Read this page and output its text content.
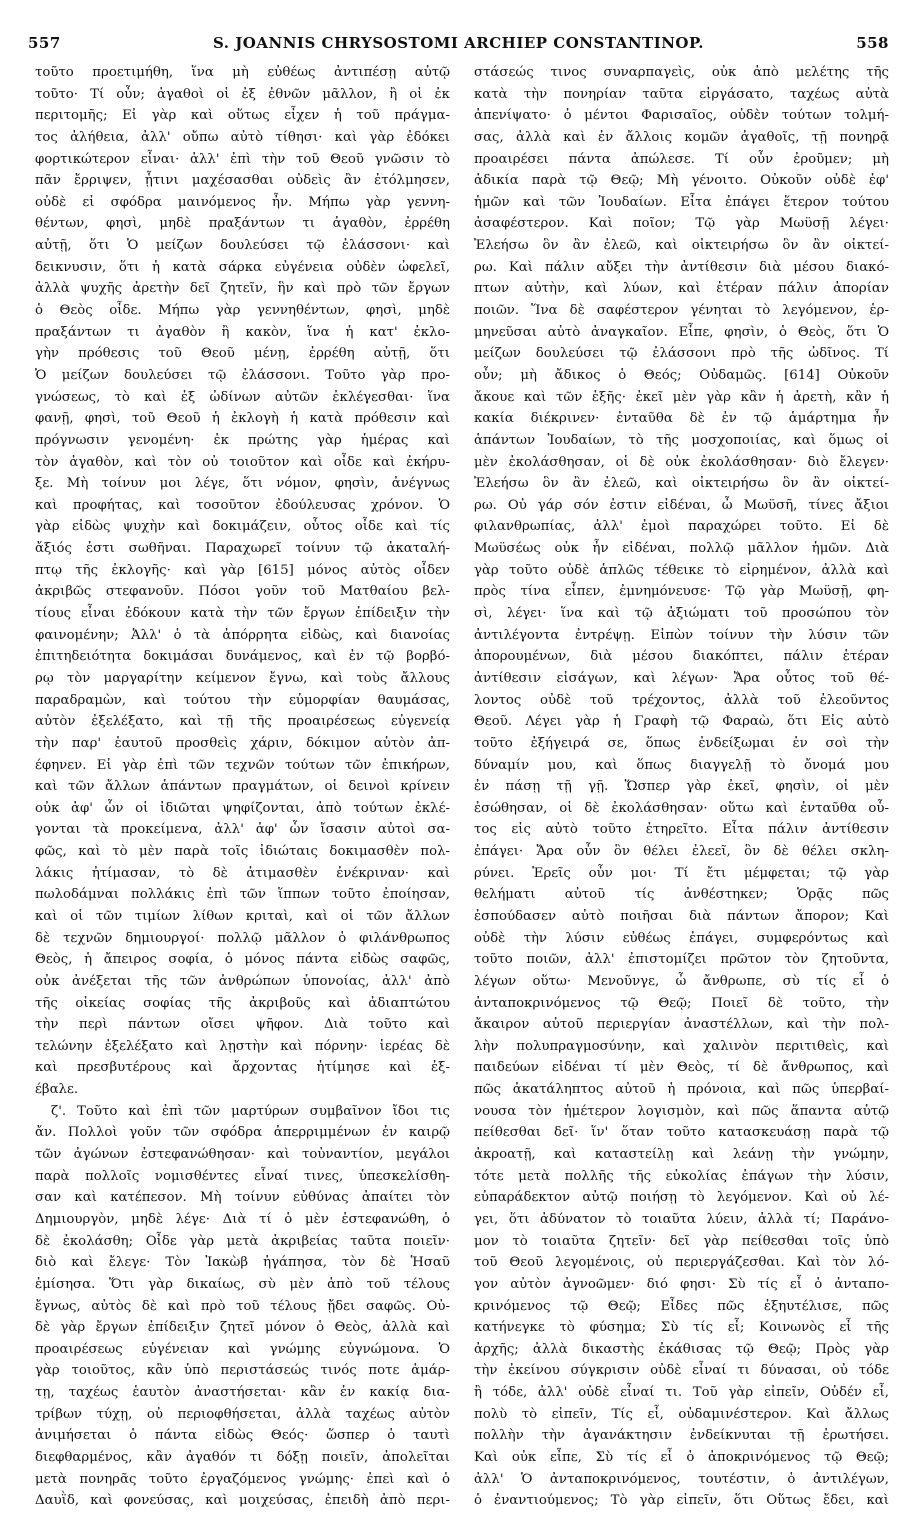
557	S. JOANNIS CHRYSOSTOMI ARCHIEP CONSTANTINOP.	558
τοῦτο προετιμήθη, ἵνα μὴ εὐθέως ἀντιπέσῃ αὐτῷ
τοῦτο· Τί οὖν; ἀγαθοὶ οἱ ἐξ ἐθνῶν μᾶλλον, ἢ οἱ ἐκ
περιτομῆς; Εἰ γὰρ καὶ οὕτως εἶχεν ἡ τοῦ πράγμα-
τος ἀλήθεια, ἀλλ' οὔπω αὐτὸ τίθησι· καὶ γὰρ ἐδόκει
φορτικώτερον εἶναι· ἀλλ' ἐπὶ τὴν τοῦ Θεοῦ γνῶσιν τὸ
πᾶν ἔρριψεν, ᾗτινι μαχέσασθαι οὐδεὶς ἂν ἐτόλμησεν,
οὐδὲ εἰ σφόδρα μαινόμενος ἦν. Μήπω γὰρ γεννη-
θέντων, φησὶ, μηδὲ πραξάντων τι ἀγαθὸν, ἐρρέθη
αὐτῇ, ὅτι Ὁ μείζων δουλεύσει τῷ ἐλάσσονι· καὶ
δεικνυσιν, ὅτι ἡ κατὰ σάρκα εὐγένεια οὐδὲν ὠφελεῖ,
ἀλλὰ ψυχῆς ἀρετὴν δεῖ ζητεῖν, ἣν καὶ πρὸ τῶν ἔργων
ὁ Θεὸς οἶδε. Μήπω γὰρ γεννηθέντων, φησὶ, μηδὲ
πραξάντων τι ἀγαθὸν ἢ κακὸν, ἵνα ἡ κατ' ἐκλο-
γὴν πρόθεσις τοῦ Θεοῦ μένῃ, ἐρρέθη αὐτῇ, ὅτι
Ὁ μείζων δουλεύσει τῷ ἐλάσσονι. Τοῦτο γὰρ προ-
γνώσεως, τὸ καὶ ἐξ ὠδίνων αὐτῶν ἐκλέγεσθαι· ἵνα
φανῇ, φησὶ, τοῦ Θεοῦ ἡ ἐκλογὴ ἡ κατὰ πρόθεσιν καὶ
πρόγνωσιν γενομένη· ἐκ πρώτης γὰρ ἡμέρας καὶ
τὸν ἀγαθὸν, καὶ τὸν οὐ τοιοῦτον καὶ οἶδε καὶ ἐκήρυ-
ξε. Μὴ τοίνυν μοι λέγε, ὅτι νόμον, φησὶν, ἀνέγνως
καὶ προφήτας, καὶ τοσοῦτον ἐδούλευσας χρόνον. Ὁ
γὰρ εἰδὼς ψυχὴν καὶ δοκιμάζειν, οὗτος οἶδε καὶ τίς
ἄξιός ἐστι σωθῆναι. Παραχωρεῖ τοίνυν τῷ ἀκαταλή-
πτῳ τῆς ἐκλογῆς· καὶ γὰρ [615] μόνος αὐτὸς οἶδεν
ἀκριβῶς στεφανοῦν. Πόσοι γοῦν τοῦ Ματθαίου βελ-
τίους εἶναι ἐδόκουν κατὰ τὴν τῶν ἔργων ἐπίδειξιν τὴν
φαινομένην; Ἀλλ' ὁ τὰ ἀπόρρητα εἰδὼς, καὶ διανοίας
ἐπιτηδειότητα δοκιμάσαι δυνάμενος, καὶ ἐν τῷ βορβό-
ρῳ τὸν μαργαρίτην κείμενον ἔγνω, καὶ τοὺς ἄλλους
παραδραμὼν, καὶ τούτου τὴν εὐμορφίαν θαυμάσας,
αὐτὸν ἐξελέξατο, καὶ τῇ τῆς προαιρέσεως εὐγενείᾳ
τὴν παρ' ἑαυτοῦ προσθεὶς χάριν, δόκιμον αὐτὸν ἀπ-
έφηνεν. Εἰ γὰρ ἐπὶ τῶν τεχνῶν τούτων τῶν ἐπικήρων,
καὶ τῶν ἄλλων ἁπάντων πραγμάτων, οἱ δεινοὶ κρίνειν
οὐκ ἀφ' ὧν οἱ ἰδιῶται ψηφίζονται, ἀπὸ τούτων ἐκλέ-
γονται τὰ προκείμενα, ἀλλ' ἀφ' ὧν ἴσασιν αὐτοὶ σα-
φῶς, καὶ τὸ μὲν παρὰ τοῖς ἰδιώταις δοκιμασθὲν πολ-
λάκις ἠτίμασαν, τὸ δὲ ἀτιμασθὲν ἐνέκριναν· καὶ
πωλοδάμναι πολλάκις ἐπὶ τῶν ἵππων τοῦτο ἐποίησαν,
καὶ οἱ τῶν τιμίων λίθων κριταὶ, καὶ οἱ τῶν ἄλλων
δὲ τεχνῶν δημιουργοί· πολλῷ μᾶλλον ὁ φιλάνθρωπος
Θεὸς, ἡ ἄπειρος σοφία, ὁ μόνος πάντα εἰδὼς σαφῶς,
οὐκ ἀνέξεται τῆς τῶν ἀνθρώπων ὑπονοίας, ἀλλ' ἀπὸ
τῆς οἰκείας σοφίας τῆς ἀκριβοῦς καὶ ἀδιαπτώτου
τὴν περὶ πάντων οἴσει ψῆφον. Διὰ τοῦτο καὶ
τελώνην ἐξελέξατο καὶ λῃστὴν καὶ πόρνην· ἱερέας δὲ
καὶ πρεσβυτέρους καὶ ἄρχοντας ἠτίμησε καὶ ἐξ-
έβαλε.
ζ'. Τοῦτο καὶ ἐπὶ τῶν μαρτύρων συμβαῖνον ἴδοι τις
ἄν. Πολλοὶ γοῦν τῶν σφόδρα ἀπερριμμένων ἐν καιρῷ
τῶν ἀγώνων ἐστεφανώθησαν· καὶ τοὐναντίον, μεγάλοι
παρὰ πολλοῖς νομισθέντες εἶναί τινες, ὑπεσκελίσθη-
σαν καὶ κατέπεσον. Μὴ τοίνυν εὐθύνας ἀπαίτει τὸν
Δημιουργὸν, μηδὲ λέγε· Διὰ τί ὁ μὲν ἐστεφανώθη, ὁ
δὲ ἐκολάσθη; Οἶδε γὰρ μετὰ ἀκριβείας ταῦτα ποιεῖν·
διὸ καὶ ἔλεγε· Τὸν Ἰακὼβ ἠγάπησα, τὸν δὲ Ἡσαῦ
ἐμίσησα. Ὅτι γὰρ δικαίως, σὺ μὲν ἀπὸ τοῦ τέλους
ἔγνως, αὐτὸς δὲ καὶ πρὸ τοῦ τέλους ᾔδει σαφῶς. Οὐ-
δὲ γὰρ ἔργων ἐπίδειξιν ζητεῖ μόνον ὁ Θεὸς, ἀλλὰ καὶ
προαιρέσεως εὐγένειαν καὶ γνώμης εὐγνώμονα. Ὁ
γὰρ τοιοῦτος, κἂν ὑπὸ περιστάσεώς τινός ποτε ἁμάρ-
τῃ, ταχέως ἑαυτὸν ἀναστήσεται· κἂν ἐν κακίᾳ δια-
τρίβων τύχῃ, οὐ περιοφθήσεται, ἀλλὰ ταχέως αὐτὸν
ἀνιμήσεται ὁ πάντα εἰδὼς Θεός· ὥσπερ ὁ ταυτὶ
διεφθαρμένος, κἂν ἀγαθόν τι δόξῃ ποιεῖν, ἀπολεῖται
μετὰ πονηρᾶς τοῦτο ἐργαζόμενος γνώμης· ἐπεὶ καὶ ὁ
Δαυῒδ, καὶ φονεύσας, καὶ μοιχεύσας, ἐπειδὴ ἀπὸ περι-
στάσεώς τινος συναρπαγεὶς, οὐκ ἀπὸ μελέτης τῆς
κατὰ τὴν πονηρίαν ταῦτα εἰργάσατο, ταχέως αὐτὰ
ἀπενίψατο· ὁ μέντοι Φαρισαῖος, οὐδὲν τούτων τολμή-
σας, ἀλλὰ καὶ ἐν ἄλλοις κομῶν ἀγαθοῖς, τῇ πονηρᾷ
προαιρέσει πάντα ἀπώλεσε. Τί οὖν ἐροῦμεν; μὴ
ἀδικία παρὰ τῷ Θεῷ; Μὴ γένοιτο. Οὐκοῦν οὐδὲ ἐφ'
ἡμῶν καὶ τῶν Ἰουδαίων. Εἶτα ἐπάγει ἕτερον τούτου
ἀσαφέστερον. Καὶ ποῖον; Τῷ γὰρ Μωϋσῇ λέγει·
Ἐλεήσω ὃν ἂν ἐλεῶ, καὶ οἰκτειρήσω ὃν ἂν οἰκτεί-
ρω. Καὶ πάλιν αὔξει τὴν ἀντίθεσιν διὰ μέσου διακό-
πτων αὐτὴν, καὶ λύων, καὶ ἑτέραν πάλιν ἀπορίαν
ποιῶν. Ἵνα δὲ σαφέστερον γένηται τὸ λεγόμενον, ἑρ-
μηνεῦσαι αὐτὸ ἀναγκαῖον. Εἶπε, φησὶν, ὁ Θεὸς, ὅτι Ὁ
μείζων δουλεύσει τῷ ἐλάσσονι πρὸ τῆς ὠδῖνος. Τί
οὖν; μὴ ἄδικος ὁ Θεός; Οὐδαμῶς. [614] Οὐκοῦν
ἄκουε καὶ τῶν ἑξῆς· ἐκεῖ μὲν γὰρ κἂν ἡ ἀρετὴ, κἂν ἡ
κακία διέκρινεν· ἐνταῦθα δὲ ἐν τῷ ἁμάρτημα ἦν
ἁπάντων Ἰουδαίων, τὸ τῆς μοσχοποιίας, καὶ ὅμως οἱ
μὲν ἐκολάσθησαν, οἱ δὲ οὐκ ἐκολάσθησαν· διὸ ἔλεγεν·
Ἐλεήσω ὃν ἂν ἐλεῶ, καὶ οἰκτειρήσω ὃν ἂν οἰκτεί-
ρω. Οὐ γάρ σόν ἐστιν εἰδέναι, ὦ Μωϋσῆ, τίνες ἄξιοι
φιλανθρωπίας, ἀλλ' ἐμοὶ παραχώρει τοῦτο. Εἰ δὲ
Μωϋσέως οὐκ ἦν εἰδέναι, πολλῷ μᾶλλον ἡμῶν. Διὰ
γὰρ τοῦτο οὐδὲ ἁπλῶς τέθεικε τὸ εἰρημένον, ἀλλὰ καὶ
πρὸς τίνα εἶπεν, ἐμνημόνευσε· Τῷ γὰρ Μωϋσῇ, φη-
σὶ, λέγει· ἵνα καὶ τῷ ἀξιώματι τοῦ προσώπου τὸν
ἀντιλέγοντα ἐντρέψῃ. Εἰπὼν τοίνυν τὴν λύσιν τῶν
ἀπορουμένων, διὰ μέσου διακόπτει, πάλιν ἑτέραν
ἀντίθεσιν εἰσάγων, καὶ λέγων· Ἄρα οὖτος τοῦ θέ-
λοντος οὐδὲ τοῦ τρέχοντος, ἀλλὰ τοῦ ἐλεοῦντος
Θεοῦ. Λέγει γὰρ ἡ Γραφὴ τῷ Φαραὼ, ὅτι Εἰς αὐτὸ
τοῦτο ἐξήγειρά σε, ὅπως ἐνδείξωμαι ἐν σοὶ τὴν
δύναμίν μου, καὶ ὅπως διαγγελῇ τὸ ὄνομά μου
ἐν πάσῃ τῇ γῇ. Ὥσπερ γὰρ ἐκεῖ, φησὶν, οἱ μὲν
ἐσώθησαν, οἱ δὲ ἐκολάσθησαν· οὕτω καὶ ἐνταῦθα οὗ-
τος εἰς αὐτὸ τοῦτο ἐτηρεῖτο. Εἶτα πάλιν ἀντίθεσιν
ἐπάγει· Ἄρα οὖν ὃν θέλει ἐλεεῖ, ὃν δὲ θέλει σκλη-
ρύνει. Ἐρεῖς οὖν μοι· Τί ἔτι μέμφεται; τῷ γὰρ
θελήματι αὐτοῦ τίς ἀνθέστηκεν; Ὁρᾷς πῶς
ἐσπούδασεν αὐτὸ ποιῆσαι διὰ πάντων ἄπορον; Καὶ
οὐδὲ τὴν λύσιν εὐθέως ἐπάγει, συμφερόντως καὶ
τοῦτο ποιῶν, ἀλλ' ἐπιστομίζει πρῶτον τὸν ζητοῦντα,
λέγων οὕτω· Μενοῦνγε, ὦ ἄνθρωπε, σὺ τίς εἶ ὁ
ἀνταποκρινόμενος τῷ Θεῷ; Ποιεῖ δὲ τοῦτο, τὴν
ἄκαιρον αὐτοῦ περιεργίαν ἀναστέλλων, καὶ τὴν πολ-
λὴν πολυπραγμοσύνην, καὶ χαλινὸν περιτιθεὶς, καὶ
παιδεύων εἰδέναι τί μὲν Θεὸς, τί δὲ ἄνθρωπος, καὶ
πῶς ἀκατάληπτος αὐτοῦ ἡ πρόνοια, καὶ πῶς ὑπερβαί-
νουσα τὸν ἡμέτερον λογισμὸν, καὶ πῶς ἅπαντα αὐτῷ
πείθεσθαι δεῖ· ἵν' ὅταν τοῦτο κατασκευάσῃ παρὰ τῷ
ἀκροατῇ, καὶ καταστείλῃ καὶ λεάνῃ τὴν γνώμην,
τότε μετὰ πολλῆς τῆς εὐκολίας ἐπάγων τὴν λύσιν,
εὐπαράδεκτον αὐτῷ ποιήσῃ τὸ λεγόμενον. Καὶ οὐ λέ-
γει, ὅτι ἀδύνατον τὸ τοιαῦτα λύειν, ἀλλὰ τί; Παράνο-
μον τὸ τοιαῦτα ζητεῖν· δεῖ γὰρ πείθεσθαι τοῖς ὑπὸ
τοῦ Θεοῦ λεγομένοις, οὐ περιεργάζεσθαι. Καὶ τὸν λό-
γον αὐτὸν ἀγνοῶμεν· διό φησι· Σὺ τίς εἶ ὁ ἀνταπο-
κρινόμενος τῷ Θεῷ; Εἶδες πῶς ἐξηυτέλισε, πῶς
κατήνεγκε τὸ φύσημα; Σὺ τίς εἶ; Κοινωνὸς εἶ τῆς
ἀρχῆς; ἀλλὰ δικαστὴς ἐκάθισας τῷ Θεῷ; Πρὸς γὰρ
τὴν ἐκείνου σύγκρισιν οὐδὲ εἶναί τι δύνασαι, οὐ τόδε
ἢ τόδε, ἀλλ' οὐδὲ εἶναί τι. Τοῦ γὰρ εἰπεῖν, Οὐδέν εἶ,
πολὺ τὸ εἰπεῖν, Τίς εἶ, οὐδαμινέστερον. Καὶ ἄλλως
πολλὴν τὴν ἀγανάκτησιν ἐνδείκνυται τῇ ἐρωτήσει.
Καὶ οὐκ εἶπε, Σὺ τίς εἶ ὁ ἀποκρινόμενος τῷ Θεῷ;
ἀλλ' Ὁ ἀνταποκρινόμενος, τουτέστιν, ὁ ἀντιλέγων,
ὁ ἐναντιούμενος; Τὸ γὰρ εἰπεῖν, ὅτι Οὕτως ἔδει, καὶ
